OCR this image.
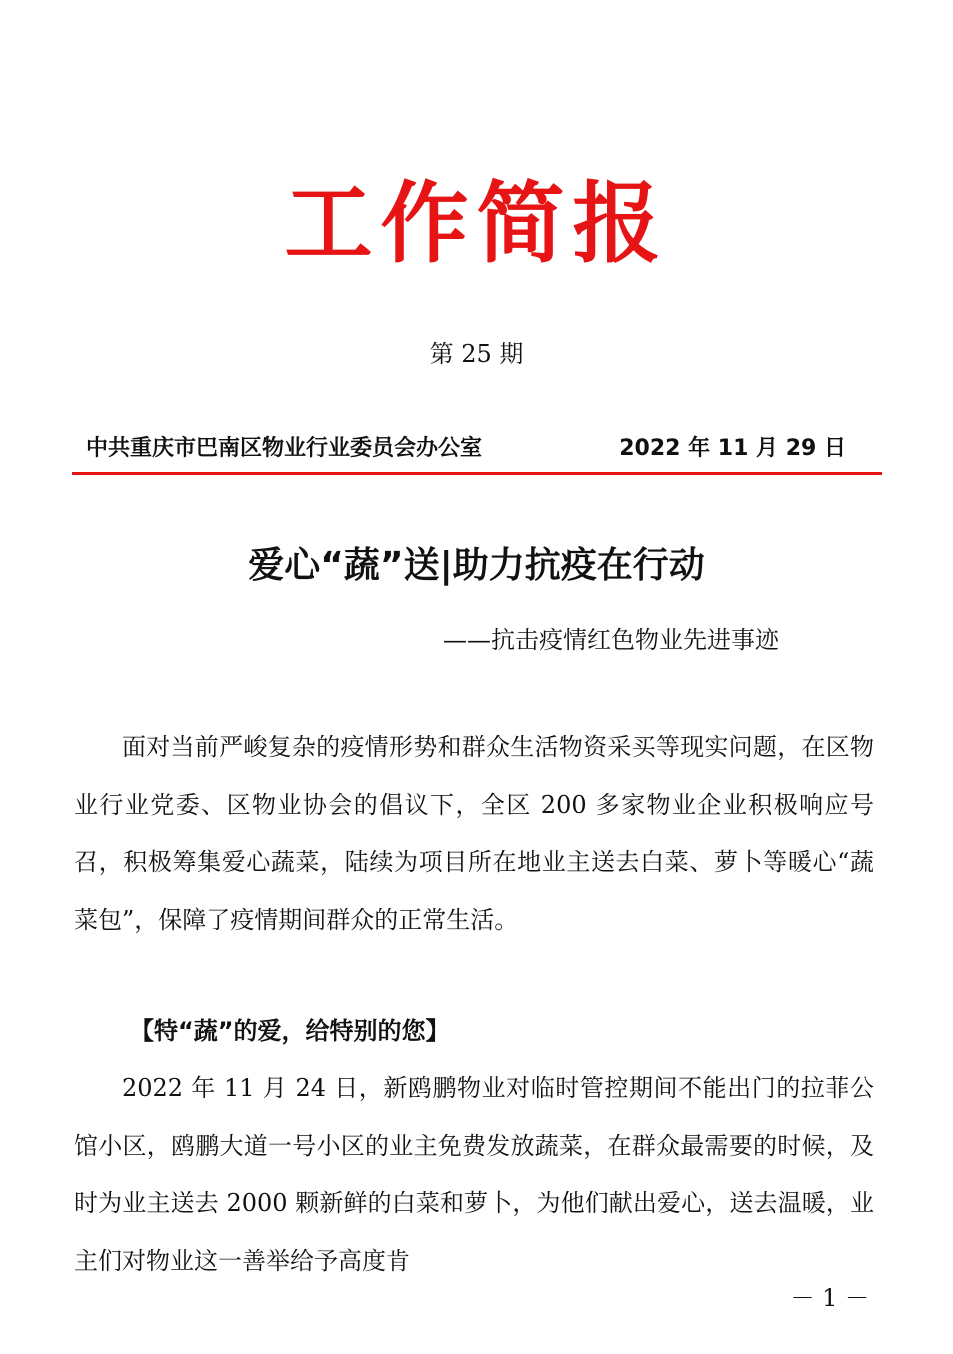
工作简报
第 25 期
中共重庆市巴南区物业行业委员会办公室	2022 年 11 月 29 日
爱心“蔬”送|助力抗疫在行动
——抗击疫情红色物业先进事迹

面对当前严峻复杂的疫情形势和群众生活物资采买等现实问题，在区物业行业党委、区物业协会的倡议下，全区 200 多家物业企业积极响应号召，积极筹集爱心蔬菜，陆续为项目所在地业主送去白菜、萝卜等暖心“蔬菜包”，保障了疫情期间群众的正常生活。

【特“蔬”的爱，给特别的您】

2022 年 11 月 24 日，新鸥鹏物业对临时管控期间不能出门的拉菲公馆小区，鸥鹏大道一号小区的业主免费发放蔬菜，在群众最需要的时候，及时为业主送去 2000 颗新鲜的白菜和萝卜，为他们献出爱心，送去温暖，业主们对物业这一善举给予高度肯

－ 1 －
